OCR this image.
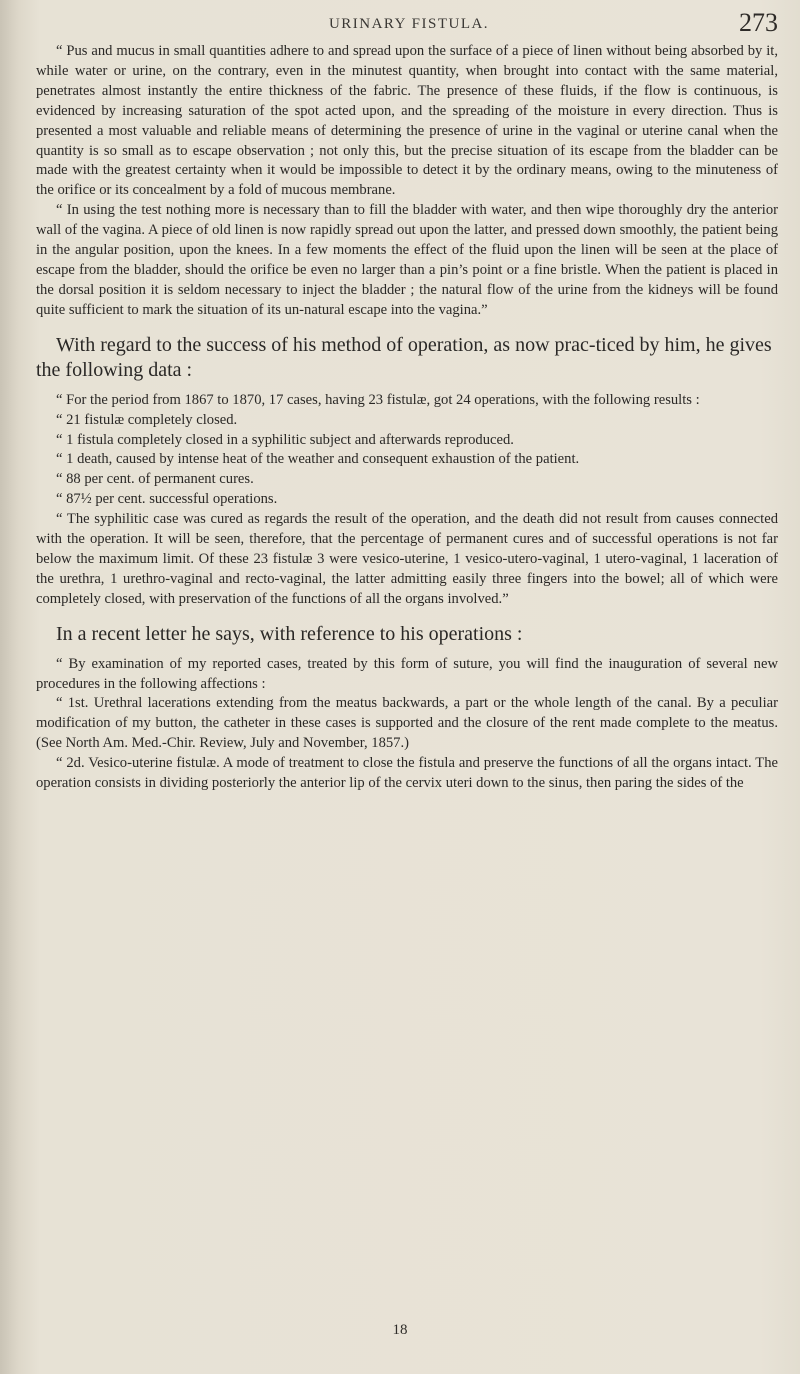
URINARY FISTULA.	273

“ Pus and mucus in small quantities adhere to and spread upon the surface of a piece of linen without being absorbed by it, while water or urine, on the contrary, even in the minutest quantity, when brought into contact with the same material, penetrates almost instantly the entire thickness of the fabric. The presence of these fluids, if the flow is continuous, is evidenced by increasing saturation of the spot acted upon, and the spreading of the moisture in every direction. Thus is presented a most valuable and reliable means of determining the presence of urine in the vaginal or uterine canal when the quantity is so small as to escape observation ; not only this, but the precise situation of its escape from the bladder can be made with the greatest certainty when it would be impossible to detect it by the ordinary means, owing to the minuteness of the orifice or its concealment by a fold of mucous membrane.

“ In using the test nothing more is necessary than to fill the bladder with water, and then wipe thoroughly dry the anterior wall of the vagina. A piece of old linen is now rapidly spread out upon the latter, and pressed down smoothly, the patient being in the angular position, upon the knees. In a few moments the effect of the fluid upon the linen will be seen at the place of escape from the bladder, should the orifice be even no larger than a pin’s point or a fine bristle. When the patient is placed in the dorsal position it is seldom necessary to inject the bladder ; the natural flow of the urine from the kidneys will be found quite sufficient to mark the situation of its un-natural escape into the vagina.”

With regard to the success of his method of operation, as now prac-ticed by him, he gives the following data :

“ For the period from 1867 to 1870, 17 cases, having 23 fistulæ, got 24 operations, with the following results :

“ 21 fistulæ completely closed.

“ 1 fistula completely closed in a syphilitic subject and afterwards reproduced.

“ 1 death, caused by intense heat of the weather and consequent exhaustion of the patient.

“ 88 per cent. of permanent cures.

“ 87½ per cent. successful operations.

“ The syphilitic case was cured as regards the result of the operation, and the death did not result from causes connected with the operation. It will be seen, therefore, that the percentage of permanent cures and of successful operations is not far below the maximum limit. Of these 23 fistulæ 3 were vesico-uterine, 1 vesico-utero-vaginal, 1 utero-vaginal, 1 laceration of the urethra, 1 urethro-vaginal and recto-vaginal, the latter admitting easily three fingers into the bowel; all of which were completely closed, with preservation of the functions of all the organs involved.”

In a recent letter he says, with reference to his operations :

“ By examination of my reported cases, treated by this form of suture, you will find the inauguration of several new procedures in the following affections :

“ 1st. Urethral lacerations extending from the meatus backwards, a part or the whole length of the canal. By a peculiar modification of my button, the catheter in these cases is supported and the closure of the rent made complete to the meatus. (See North Am. Med.-Chir. Review, July and November, 1857.)

“ 2d. Vesico-uterine fistulæ. A mode of treatment to close the fistula and preserve the functions of all the organs intact. The operation consists in dividing posteriorly the anterior lip of the cervix uteri down to the sinus, then paring the sides of the

18
